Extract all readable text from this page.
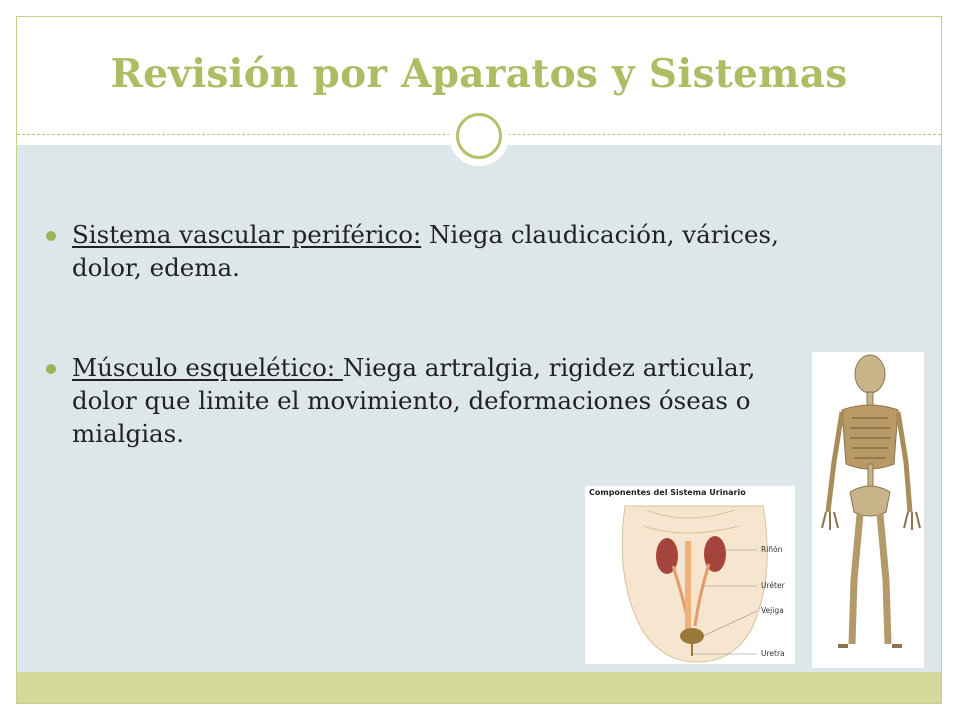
Revisión por Aparatos y Sistemas
Sistema vascular periférico: Niega claudicación, várices, dolor, edema.
Músculo esquelético: Niega artralgia, rigidez articular, dolor que limite el movimiento, deformaciones óseas o mialgias.
Componentes del Sistema Urinario
Riñón
Uréter
Vejiga
Uretra
